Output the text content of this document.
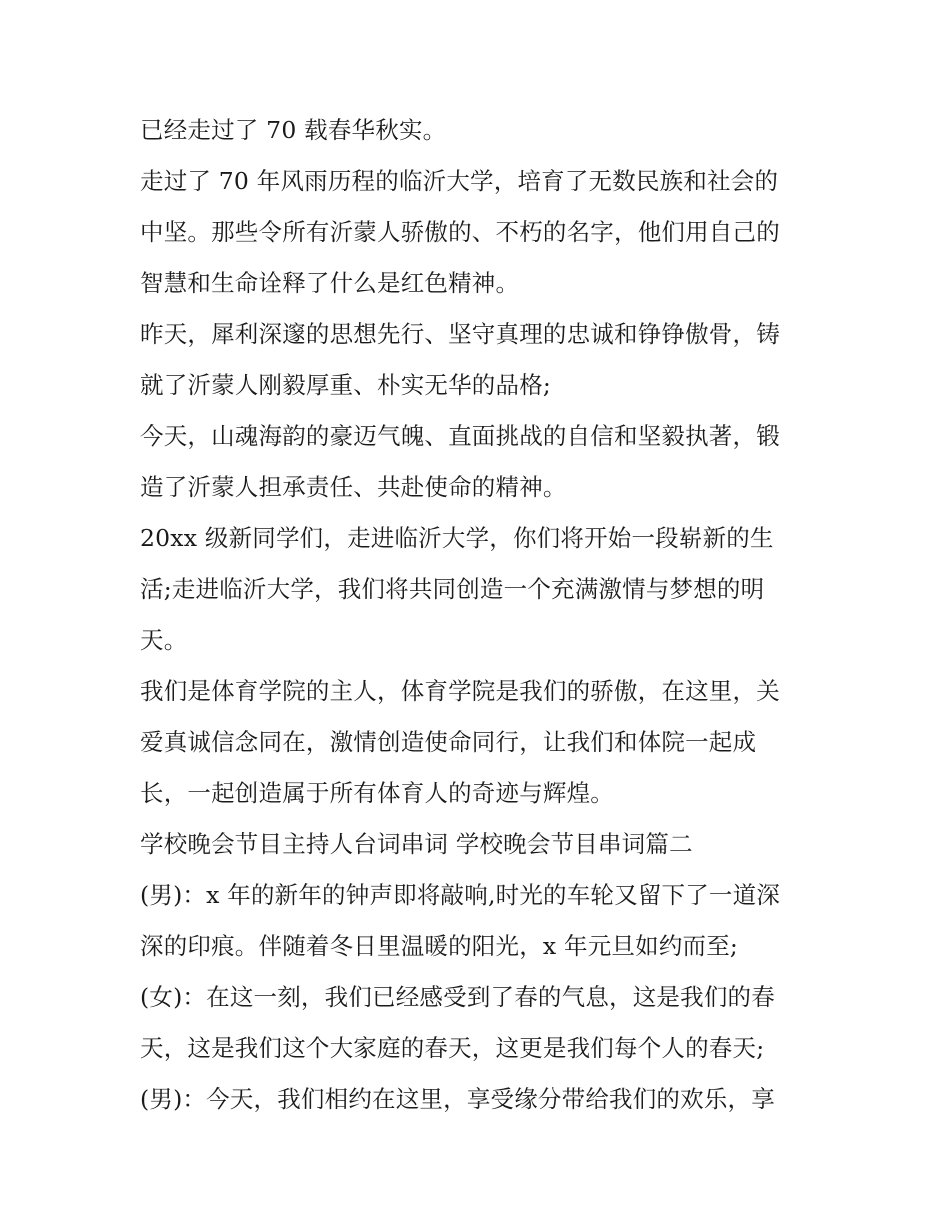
已经走过了 70 载春华秋实。
走过了 70 年风雨历程的临沂大学，培育了无数民族和社会的
中坚。那些令所有沂蒙人骄傲的、不朽的名字，他们用自己的
智慧和生命诠释了什么是红色精神。
昨天，犀利深邃的思想先行、坚守真理的忠诚和铮铮傲骨，铸
就了沂蒙人刚毅厚重、朴实无华的品格;
今天，山魂海韵的豪迈气魄、直面挑战的自信和坚毅执著，锻
造了沂蒙人担承责任、共赴使命的精神。
20xx 级新同学们，走进临沂大学，你们将开始一段崭新的生
活;走进临沂大学，我们将共同创造一个充满激情与梦想的明
天。
我们是体育学院的主人，体育学院是我们的骄傲，在这里，关
爱真诚信念同在，激情创造使命同行，让我们和体院一起成
长，一起创造属于所有体育人的奇迹与辉煌。
学校晚会节目主持人台词串词 学校晚会节目串词篇二
(男)：x 年的新年的钟声即将敲响,时光的车轮又留下了一道深
深的印痕。伴随着冬日里温暖的阳光，x 年元旦如约而至;
(女)：在这一刻，我们已经感受到了春的气息，这是我们的春
天，这是我们这个大家庭的春天，这更是我们每个人的春天;
(男)：今天，我们相约在这里，享受缘分带给我们的欢乐，享
